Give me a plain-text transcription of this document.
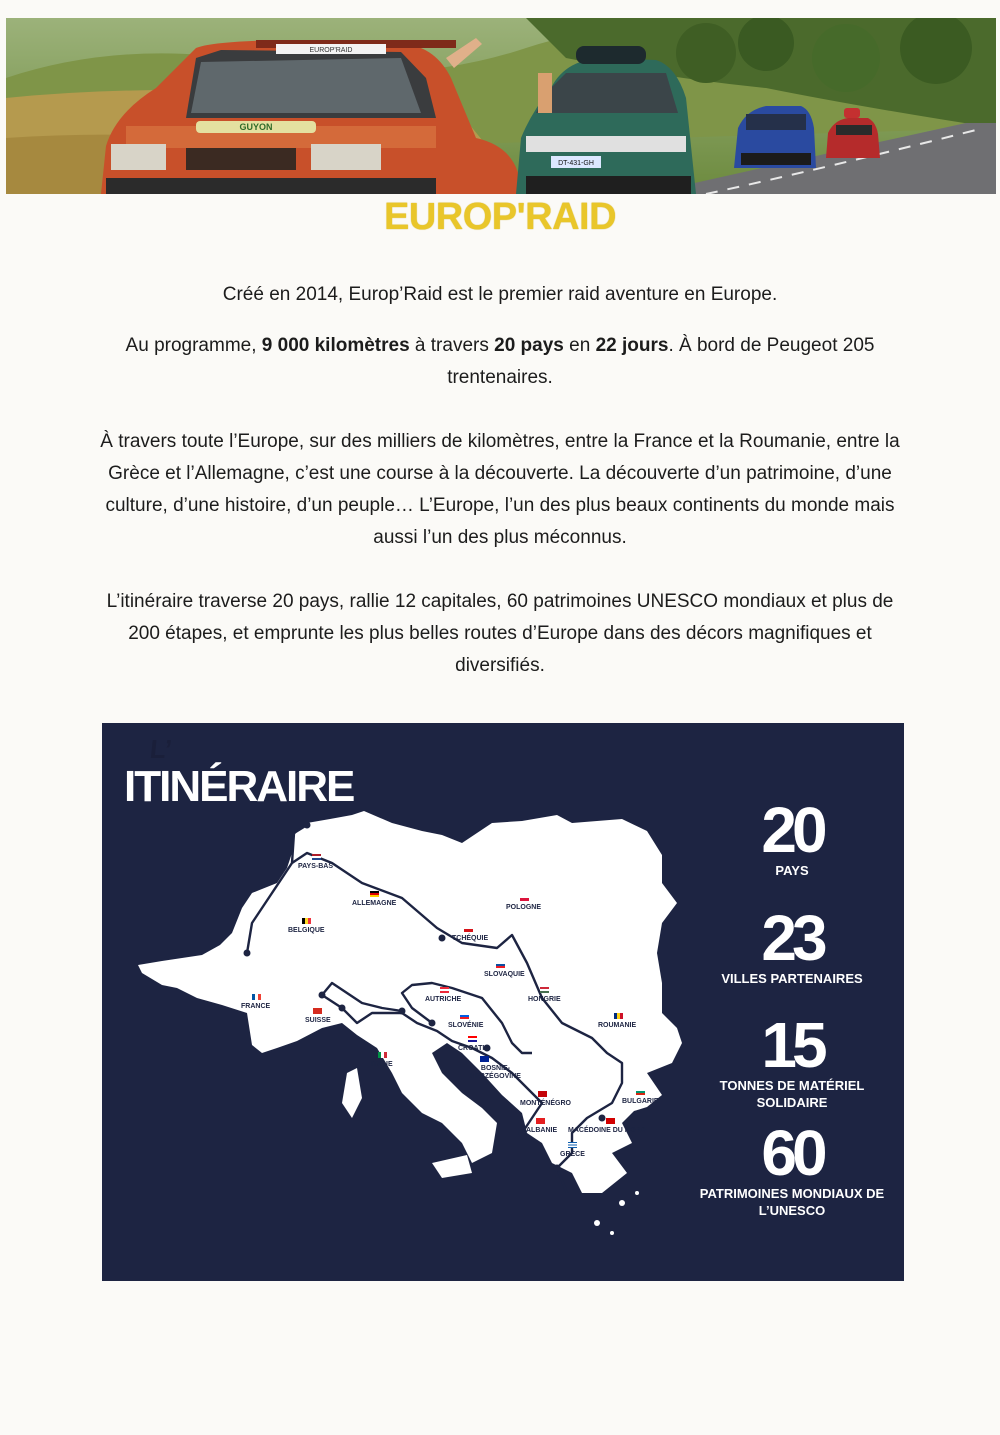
EUROP'RAID
GUYON
DT-431-GH
EUROP'RAID

Créé en 2014, Europ’Raid est le premier raid aventure en Europe.

Au programme, 9 000 kilomètres à travers 20 pays en 22 jours. À bord de Peugeot 205 trentenaires.

À travers toute l’Europe, sur des milliers de kilomètres, entre la France et la Roumanie, entre la Grèce et l’Allemagne, c’est une course à la découverte. La découverte d’un patrimoine, d’une culture, d’une histoire, d’un peuple… L’Europe, l’un des plus beaux continents du monde mais aussi l’un des plus méconnus.

L’itinéraire traverse 20 pays, rallie 12 capitales, 60 patrimoines UNESCO mondiaux et plus de 200 étapes, et emprunte les plus belles routes d’Europe dans des décors magnifiques et diversifiés.

20
PAYS
23
VILLES PARTENAIRES
15
TONNES DE MATÉRIEL SOLIDAIRE
60
PATRIMOINES MONDIAUX DE L’UNESCO
PAYS-BAS
ALLEMAGNE
BELGIQUE
POLOGNE
TCHÉQUIE
SLOVAQUIE
FRANCE
SUISSE
AUTRICHE	HONGRIE
SLOVÉNIE	ROUMANIE
CROATIE
ITALIE
BOSNIE-
HERZÉGOVINE
MONTÉNÉGRO	BULGARIE
ALBANIE MACÉDOINE DU NORD
GRÈCE
L’
ITINÉRAIRE
